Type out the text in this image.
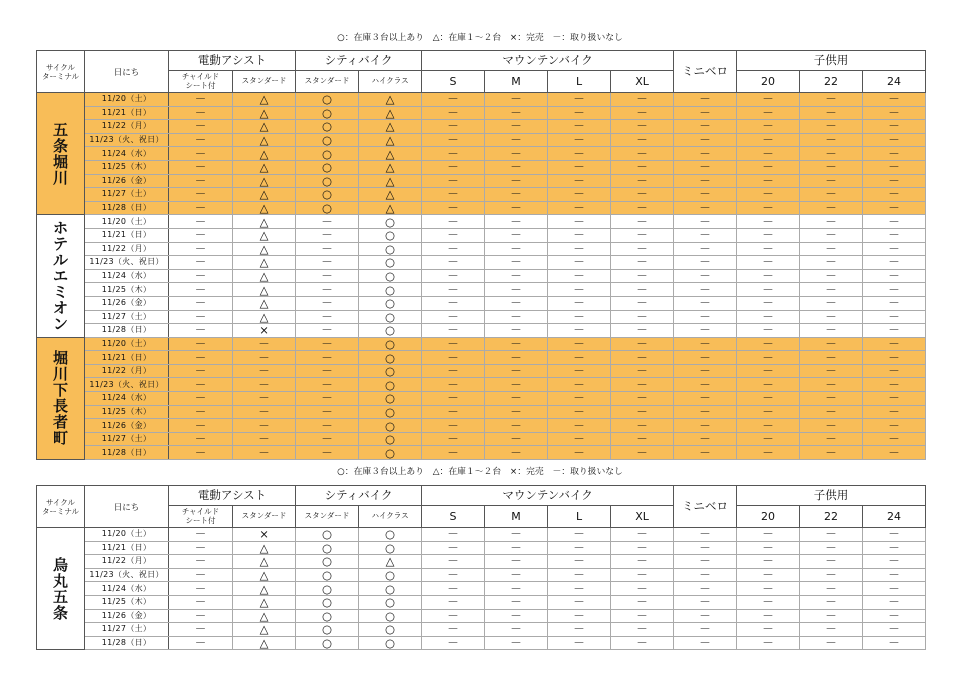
○：在庫３台以上あり　△：在庫１～２台　×：完売　－：取り扱いなし
サイクル
ターミナル	日にち	電動アシスト		シティバイク		マウンテンバイク				ミニベロ	子供用		
		チャイルド
シート付	スタンダード	スタンダード	ハイクラス	S	M	L	XL		20	22	24

五条堀川	11/20（土）	－	△	○	△	－	－	－	－	－	－	－	－
	11/21（日）	－	△	○	△	－	－	－	－	－	－	－	－
	11/22（月）	－	△	○	△	－	－	－	－	－	－	－	－
	11/23（火、祝日）	－	△	○	△	－	－	－	－	－	－	－	－
	11/24（水）	－	△	○	△	－	－	－	－	－	－	－	－
	11/25（木）	－	△	○	△	－	－	－	－	－	－	－	－
	11/26（金）	－	△	○	△	－	－	－	－	－	－	－	－
	11/27（土）	－	△	○	△	－	－	－	－	－	－	－	－
	11/28（日）	－	△	○	△	－	－	－	－	－	－	－	－

ホテルエミオン	11/20（土）	－	△	－	○	－	－	－	－	－	－	－	－
	11/21（日）	－	△	－	○	－	－	－	－	－	－	－	－
	11/22（月）	－	△	－	○	－	－	－	－	－	－	－	－
	11/23（火、祝日）	－	△	－	○	－	－	－	－	－	－	－	－
	11/24（水）	－	△	－	○	－	－	－	－	－	－	－	－
	11/25（木）	－	△	－	○	－	－	－	－	－	－	－	－
	11/26（金）	－	△	－	○	－	－	－	－	－	－	－	－
	11/27（土）	－	△	－	○	－	－	－	－	－	－	－	－
	11/28（日）	－	×	－	○	－	－	－	－	－	－	－	－

堀川下長者町	11/20（土）	－	－	－	○	－	－	－	－	－	－	－	－
	11/21（日）	－	－	－	○	－	－	－	－	－	－	－	－
	11/22（月）	－	－	－	○	－	－	－	－	－	－	－	－
	11/23（火、祝日）	－	－	－	○	－	－	－	－	－	－	－	－
	11/24（水）	－	－	－	○	－	－	－	－	－	－	－	－
	11/25（木）	－	－	－	○	－	－	－	－	－	－	－	－
	11/26（金）	－	－	－	○	－	－	－	－	－	－	－	－
	11/27（土）	－	－	－	○	－	－	－	－	－	－	－	－
	11/28（日）	－	－	－	○	－	－	－	－	－	－	－	－
○：在庫３台以上あり　△：在庫１～２台　×：完売　－：取り扱いなし
サイクル
ターミナル	日にち	電動アシスト		シティバイク		マウンテンバイク				ミニベロ	子供用		
		チャイルド
シート付	スタンダード	スタンダード	ハイクラス	S	M	L	XL		20	22	24

烏丸五条	11/20（土）	－	×	○	○	－	－	－	－	－	－	－	－
	11/21（日）	－	△	○	○	－	－	－	－	－	－	－	－
	11/22（月）	－	△	○	△	－	－	－	－	－	－	－	－
	11/23（火、祝日）	－	△	○	○	－	－	－	－	－	－	－	－
	11/24（水）	－	△	○	○	－	－	－	－	－	－	－	－
	11/25（木）	－	△	○	○	－	－	－	－	－	－	－	－
	11/26（金）	－	△	○	○	－	－	－	－	－	－	－	－
	11/27（土）	－	△	○	○	－	－	－	－	－	－	－	－
	11/28（日）	－	△	○	○	－	－	－	－	－	－	－	－
